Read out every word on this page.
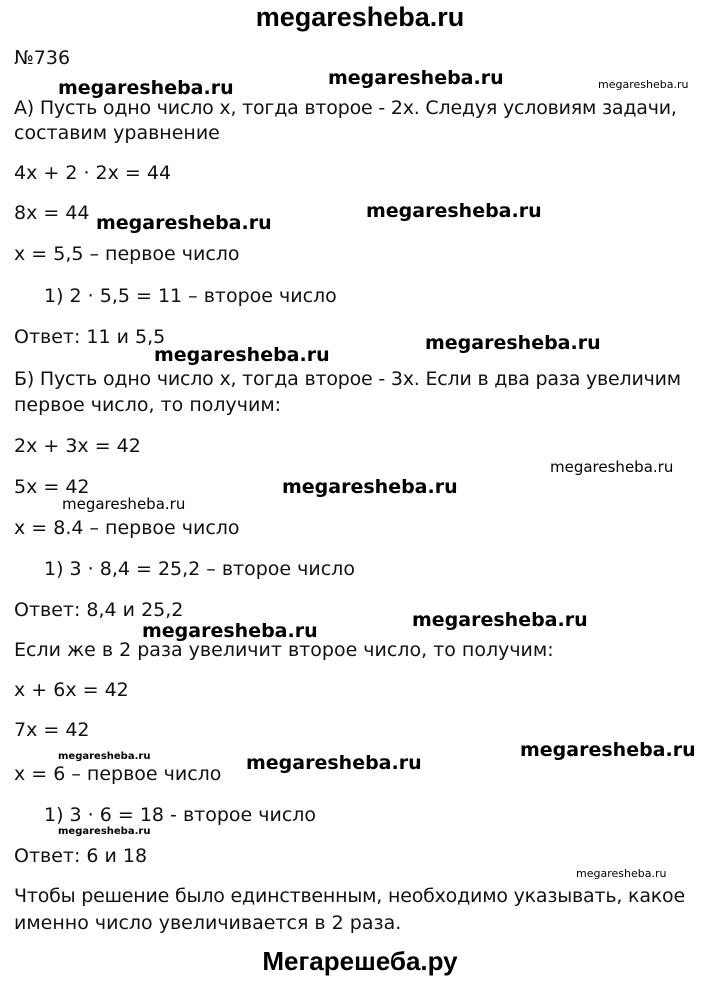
megaresheba.ru

№736

А) Пусть одно число x, тогда второе - 2x. Следуя условиям задачи,

составим уравнение

4x + 2 · 2x = 44

8x = 44

x = 5,5 – первое число

1) 2 · 5,5 = 11 – второе число

Ответ: 11 и 5,5

Б) Пусть одно число x, тогда второе - 3x. Если в два раза увеличим

первое число, то получим:

2x + 3x = 42

5x = 42

x = 8.4 – первое число

1) 3 · 8,4 = 25,2 – второе число

Ответ: 8,4 и 25,2

Если же в 2 раза увеличит второе число, то получим:

x + 6x = 42

7x = 42

x = 6 – первое число

1) 3 · 6 = 18 - второе число

Ответ: 6 и 18

Чтобы решение было единственным, необходимо указывать, какое

именно число увеличивается в 2 раза.

megaresheba.ru	megaresheba.ru	megaresheba.ru
megaresheba.ru
megaresheba.ru
megaresheba.ru
megaresheba.ru
megaresheba.ru
megaresheba.ru
megaresheba.ru
megaresheba.ru	megaresheba.ru
megaresheba.ru	megaresheba.ru
megaresheba.ru
megaresheba.ru
megaresheba.ru
Мегарешеба.ру
